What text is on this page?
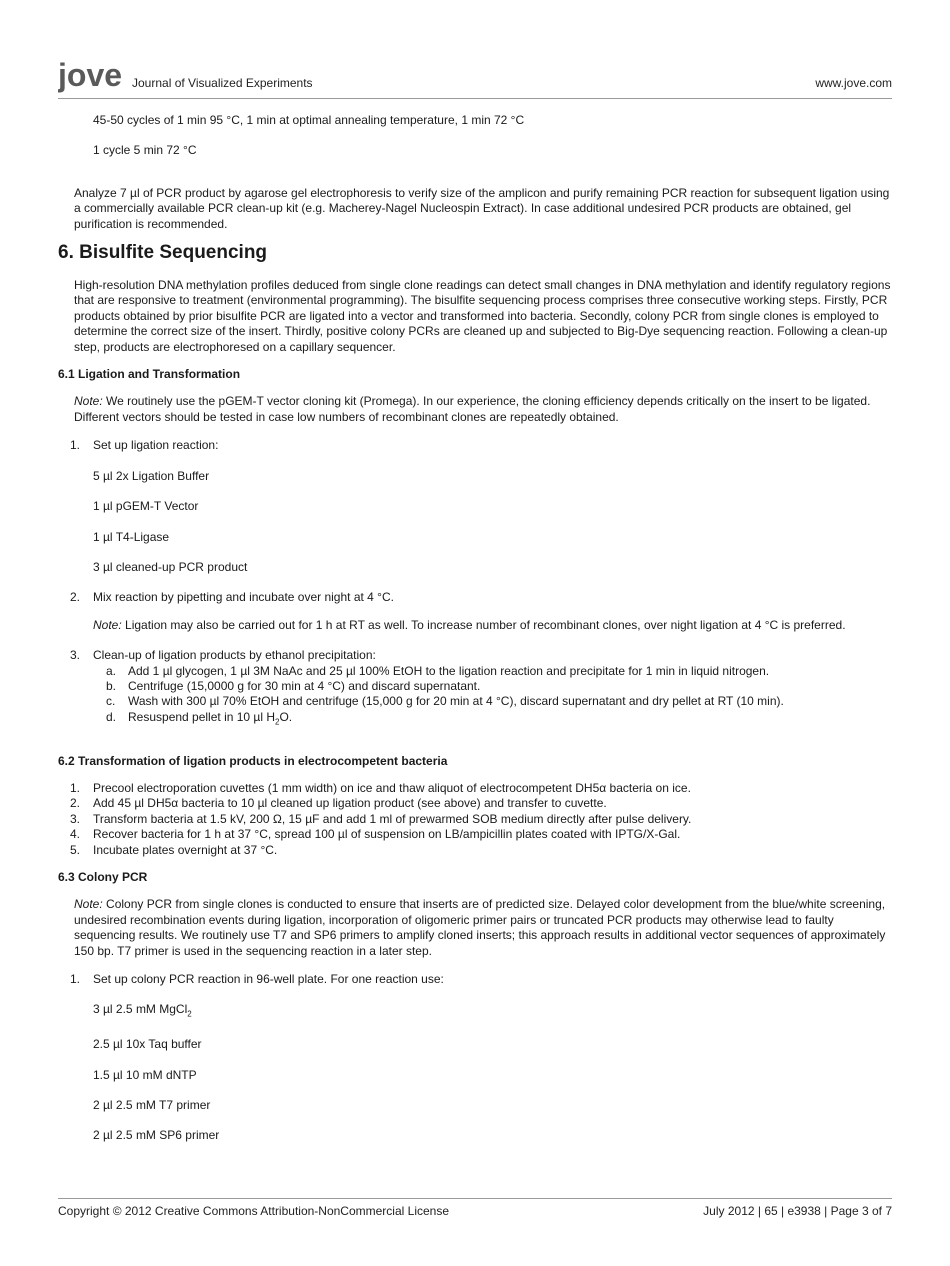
jove Journal of Visualized Experiments	www.jove.com

45-50 cycles of 1 min 95 °C, 1 min at optimal annealing temperature, 1 min 72 °C

1 cycle 5 min 72 °C

Analyze 7 µl of PCR product by agarose gel electrophoresis to verify size of the amplicon and purify remaining PCR reaction for subsequent ligation using a commercially available PCR clean-up kit (e.g. Macherey-Nagel Nucleospin Extract). In case additional undesired PCR products are obtained, gel purification is recommended.

6. Bisulfite Sequencing

High-resolution DNA methylation profiles deduced from single clone readings can detect small changes in DNA methylation and identify regulatory regions that are responsive to treatment (environmental programming). The bisulfite sequencing process comprises three consecutive working steps. Firstly, PCR products obtained by prior bisulfite PCR are ligated into a vector and transformed into bacteria. Secondly, colony PCR from single clones is employed to determine the correct size of the insert. Thirdly, positive colony PCRs are cleaned up and subjected to Big-Dye sequencing reaction. Following a clean-up step, products are electrophoresed on a capillary sequencer.

6.1 Ligation and Transformation

Note: We routinely use the pGEM-T vector cloning kit (Promega). In our experience, the cloning efficiency depends critically on the insert to be ligated. Different vectors should be tested in case low numbers of recombinant clones are repeatedly obtained.

1.	Set up ligation reaction:

5 µl 2x Ligation Buffer

1 µl pGEM-T Vector

1 µl T4-Ligase

3 µl cleaned-up PCR product

2.	Mix reaction by pipetting and incubate over night at 4 °C.

Note: Ligation may also be carried out for 1 h at RT as well. To increase number of recombinant clones, over night ligation at 4 °C is preferred.

3.	Clean-up of ligation products by ethanol precipitation:
a. Add 1 µl glycogen, 1 µl 3M NaAc and 25 µl 100% EtOH to the ligation reaction and precipitate for 1 min in liquid nitrogen.
b. Centrifuge (15,0000 g for 30 min at 4 °C) and discard supernatant.
c. Wash with 300 µl 70% EtOH and centrifuge (15,000 g for 20 min at 4 °C), discard supernatant and dry pellet at RT (10 min).
d. Resuspend pellet in 10 µl $H_2O$.

6.2 Transformation of ligation products in electrocompetent bacteria

1.	Precool electroporation cuvettes (1 mm width) on ice and thaw aliquot of electrocompetent DH5α bacteria on ice.
2.	Add 45 µl DH5α bacteria to 10 µl cleaned up ligation product (see above) and transfer to cuvette.
3.	Transform bacteria at 1.5 kV, 200 Ω, 15 µF and add 1 ml of prewarmed SOB medium directly after pulse delivery.
4.	Recover bacteria for 1 h at 37 °C, spread 100 µl of suspension on LB/ampicillin plates coated with IPTG/X-Gal.
5.	Incubate plates overnight at 37 °C.

6.3 Colony PCR

Note: Colony PCR from single clones is conducted to ensure that inserts are of predicted size. Delayed color development from the blue/white screening, undesired recombination events during ligation, incorporation of oligomeric primer pairs or truncated PCR products may otherwise lead to faulty sequencing results. We routinely use T7 and SP6 primers to amplify cloned inserts; this approach results in additional vector sequences of approximately 150 bp. T7 primer is used in the sequencing reaction in a later step.

1.	Set up colony PCR reaction in 96-well plate. For one reaction use:

3 µl 2.5 mM MgCl$_2$

2.5 µl 10x Taq buffer

1.5 µl 10 mM dNTP

2 µl 2.5 mM T7 primer

2 µl 2.5 mM SP6 primer

Copyright © 2012 Creative Commons Attribution-NonCommercial License	July 2012 | 65 | e3938 | Page 3 of 7
